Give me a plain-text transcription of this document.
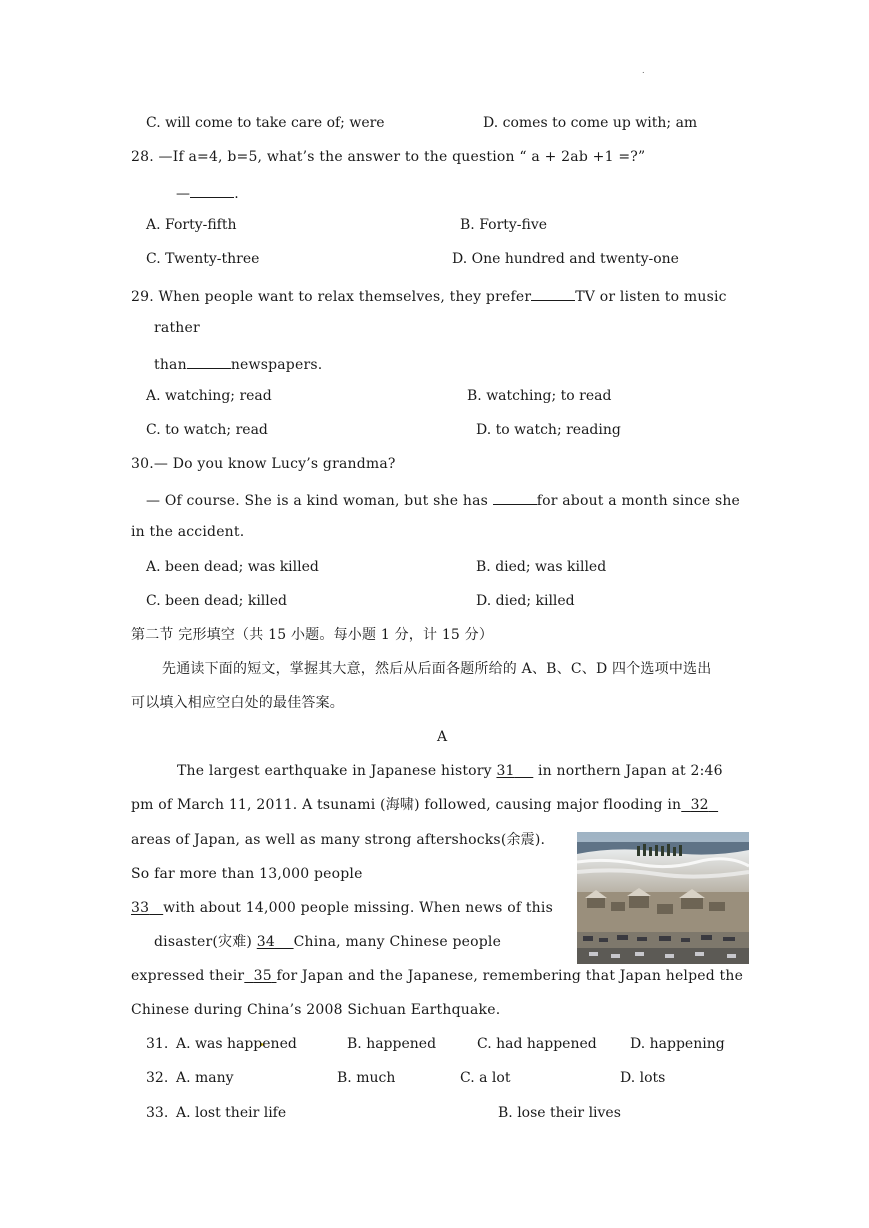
.
C. will come to take care of; were	D. comes to come up with; am
28. —If a=4, b=5, what’s the answer to the question “ a + 2ab +1 =?”
—	.
A. Forty-fifth	B. Forty-five
C. Twenty-three	D. One hundred and twenty-one
29. When people want to relax themselves, they prefer	TV or listen to music
rather
than	newspapers.
A. watching; read	B. watching; to read
C. to watch; read	D. to watch; reading
30.— Do you know Lucy’s grandma?
— Of course. She is a kind woman, but she has	for about a month since she
in the accident.
A. been dead; was killed	B. died; was killed
C. been dead; killed	D. died; killed
第二节 完形填空（共 15 小题。每小题 1 分，计 15 分）
先通读下面的短文，掌握其大意，然后从后面各题所给的 A、B、C、D 四个选项中选出
可以填入相应空白处的最佳答案。
A
The largest earthquake in Japanese history 31 in northern Japan at 2:46
pm of March 11, 2011. A tsunami (海啸) followed, causing major flooding in 32
areas of Japan, as well as many strong aftershocks(余震).
So far more than 13,000 people
33 with about 14,000 people missing. When news of this
disaster(灾难) 34 China, many Chinese people
expressed their 35 for Japan and the Japanese, remembering that Japan helped the
Chinese during China’s 2008 Sichuan Earthquake.
31. A. was happened	B. happened	C. had happened D. happening
32. A. many	B. much	C. a lot	D. lots
33. A. lost their life	B. lose their lives
